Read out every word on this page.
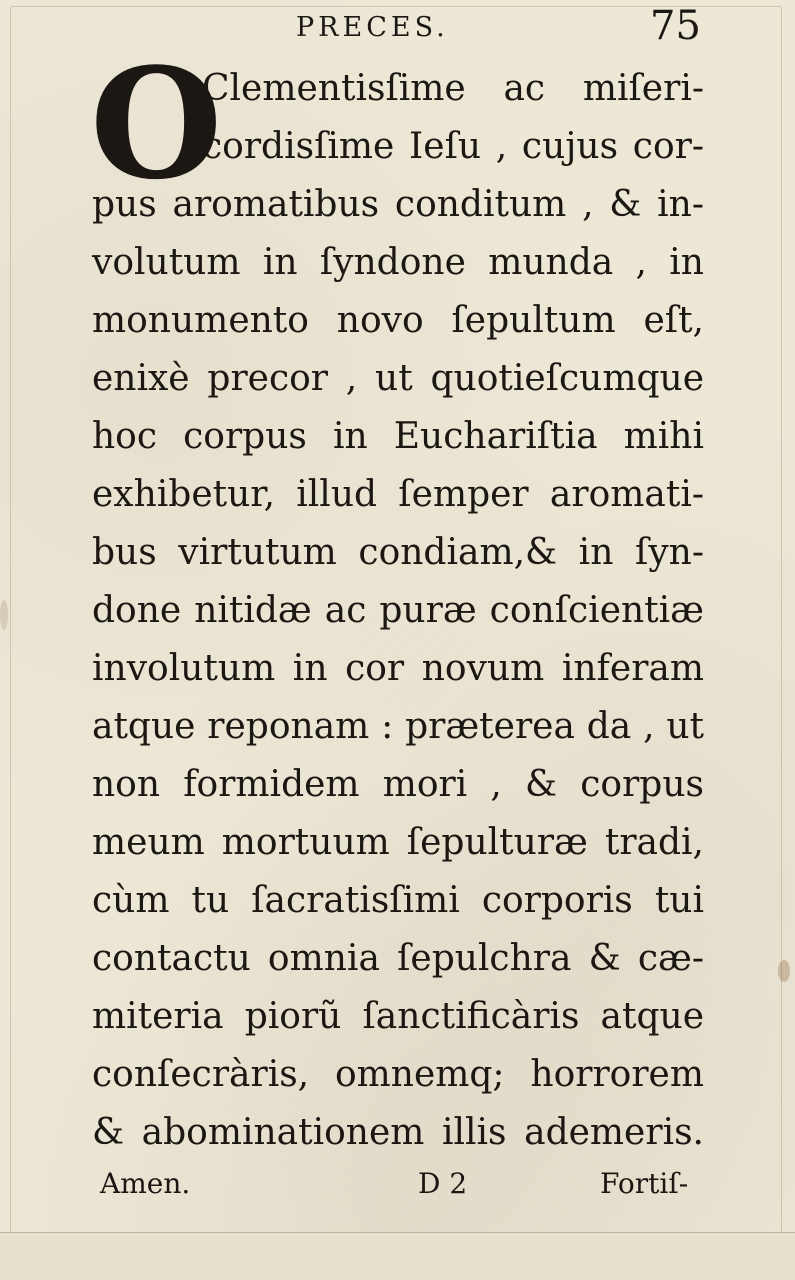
PRECES.	75
O
Clementisſime ac miſeri-
cordisſime Ieſu , cujus cor-
pus aromatibus conditum , & in-
volutum in ſyndone munda , in
monumento novo ſepultum eſt,
enixè precor , ut quotieſcumque
hoc corpus in Euchariſtia mihi
exhibetur, illud ſemper aromati-
bus virtutum condiam,& in ſyn-
done nitidæ ac puræ conſcientiæ
involutum in cor novum inferam
atque reponam : præterea da , ut
non formidem mori , & corpus
meum mortuum ſepulturæ tradi,
cùm tu ſacratisſimi corporis tui
contactu omnia ſepulchra & cæ-
miteria piorũ ſanctificàris atque
conſecràris, omnemq; horrorem
& abominationem illis ademeris.
Amen.	D 2	Fortiſ-
